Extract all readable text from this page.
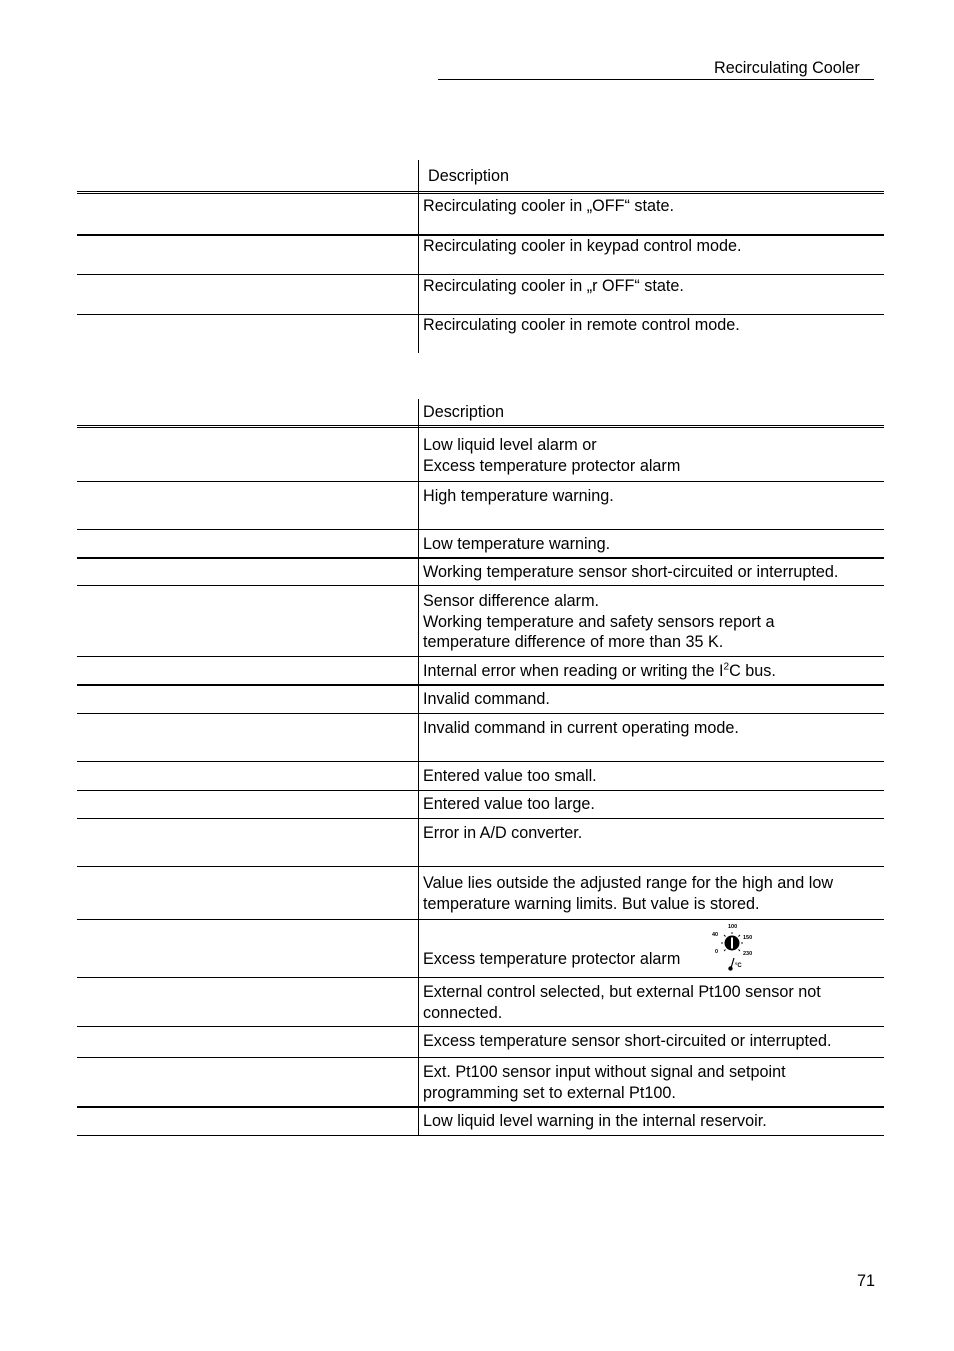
Recirculating Cooler
Description
Recirculating cooler in „OFF“ state.
Recirculating cooler in keypad control mode.
Recirculating cooler in „r OFF“ state.
Recirculating cooler in remote control mode.
Description
Low liquid level alarm or
Excess temperature protector alarm
High temperature warning.
Low temperature warning.
Working temperature sensor short-circuited or interrupted.
Sensor difference alarm.
Working temperature and safety sensors report a
temperature difference of more than 35 K.
Internal error when reading or writing the $I^2C$ bus.
Invalid command.
Invalid command in current operating mode.
Entered value too small.
Entered value too large.
Error in A/D converter.
Value lies outside the adjusted range for the high and low
temperature warning limits. But value is stored.
Excess temperature protector alarm
100
40	150
0	230
°C
External control selected, but external Pt100 sensor not
connected.
Excess temperature sensor short-circuited or interrupted.
Ext. Pt100 sensor input without signal and setpoint
programming set to external Pt100.
Low liquid level warning in the internal reservoir.
71
